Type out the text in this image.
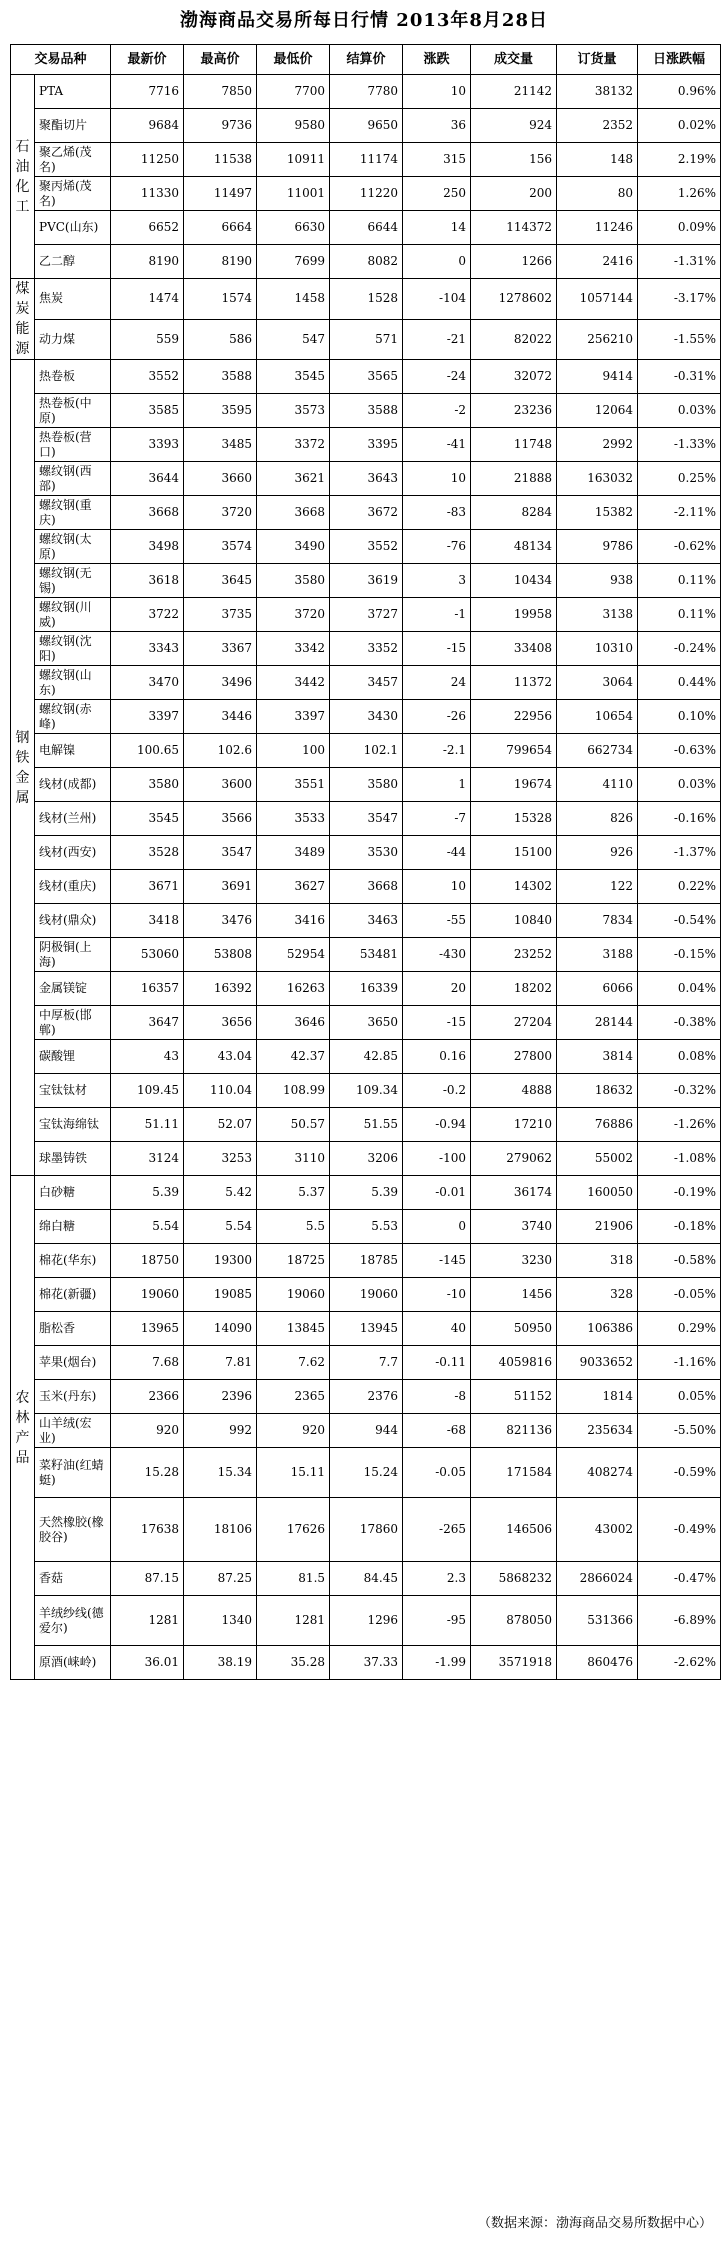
渤海商品交易所每日行情 2013年8月28日
交易品种		最新价	最高价	最低价	结算价	涨跌	成交量	订货量	日涨跌幅
石油化工	PTA	7716	7850	7700	7780	10	21142	38132	0.96%
	聚酯切片	9684	9736	9580	9650	36	924	2352	0.02%
	聚乙烯(茂名)	11250	11538	10911	11174	315	156	148	2.19%
	聚丙烯(茂名)	11330	11497	11001	11220	250	200	80	1.26%
	PVC(山东)	6652	6664	6630	6644	14	114372	11246	0.09%
	乙二醇	8190	8190	7699	8082	0	1266	2416	-1.31%
煤炭能源	焦炭	1474	1574	1458	1528	-104	1278602	1057144	-3.17%
	动力煤	559	586	547	571	-21	82022	256210	-1.55%
钢铁金属	热卷板	3552	3588	3545	3565	-24	32072	9414	-0.31%
	热卷板(中原)	3585	3595	3573	3588	-2	23236	12064	0.03%
	热卷板(营口)	3393	3485	3372	3395	-41	11748	2992	-1.33%
	螺纹钢(西部)	3644	3660	3621	3643	10	21888	163032	0.25%
	螺纹钢(重庆)	3668	3720	3668	3672	-83	8284	15382	-2.11%
	螺纹钢(太原)	3498	3574	3490	3552	-76	48134	9786	-0.62%
	螺纹钢(无锡)	3618	3645	3580	3619	3	10434	938	0.11%
	螺纹钢(川威)	3722	3735	3720	3727	-1	19958	3138	0.11%
	螺纹钢(沈阳)	3343	3367	3342	3352	-15	33408	10310	-0.24%
	螺纹钢(山东)	3470	3496	3442	3457	24	11372	3064	0.44%
	螺纹钢(赤峰)	3397	3446	3397	3430	-26	22956	10654	0.10%
	电解镍	100.65	102.6	100	102.1	-2.1	799654	662734	-0.63%
	线材(成都)	3580	3600	3551	3580	1	19674	4110	0.03%
	线材(兰州)	3545	3566	3533	3547	-7	15328	826	-0.16%
	线材(西安)	3528	3547	3489	3530	-44	15100	926	-1.37%
	线材(重庆)	3671	3691	3627	3668	10	14302	122	0.22%
	线材(鼎众)	3418	3476	3416	3463	-55	10840	7834	-0.54%
	阴极铜(上海)	53060	53808	52954	53481	-430	23252	3188	-0.15%
	金属镁锭	16357	16392	16263	16339	20	18202	6066	0.04%
	中厚板(邯郸)	3647	3656	3646	3650	-15	27204	28144	-0.38%
	碳酸锂	43	43.04	42.37	42.85	0.16	27800	3814	0.08%
	宝钛钛材	109.45	110.04	108.99	109.34	-0.2	4888	18632	-0.32%
	宝钛海绵钛	51.11	52.07	50.57	51.55	-0.94	17210	76886	-1.26%
	球墨铸铁	3124	3253	3110	3206	-100	279062	55002	-1.08%
农林产品	白砂糖	5.39	5.42	5.37	5.39	-0.01	36174	160050	-0.19%
	绵白糖	5.54	5.54	5.5	5.53	0	3740	21906	-0.18%
	棉花(华东)	18750	19300	18725	18785	-145	3230	318	-0.58%
	棉花(新疆)	19060	19085	19060	19060	-10	1456	328	-0.05%
	脂松香	13965	14090	13845	13945	40	50950	106386	0.29%
	苹果(烟台)	7.68	7.81	7.62	7.7	-0.11	4059816	9033652	-1.16%
	玉米(丹东)	2366	2396	2365	2376	-8	51152	1814	0.05%
	山羊绒(宏业)	920	992	920	944	-68	821136	235634	-5.50%
	菜籽油(红蜻蜓)	15.28	15.34	15.11	15.24	-0.05	171584	408274	-0.59%
	天然橡胶(橡胶谷)	17638	18106	17626	17860	-265	146506	43002	-0.49%
	香菇	87.15	87.25	81.5	84.45	2.3	5868232	2866024	-0.47%
	羊绒纱线(德爱尔)	1281	1340	1281	1296	-95	878050	531366	-6.89%
	原酒(崃岭)	36.01	38.19	35.28	37.33	-1.99	3571918	860476	-2.62%
（数据来源：渤海商品交易所数据中心）
